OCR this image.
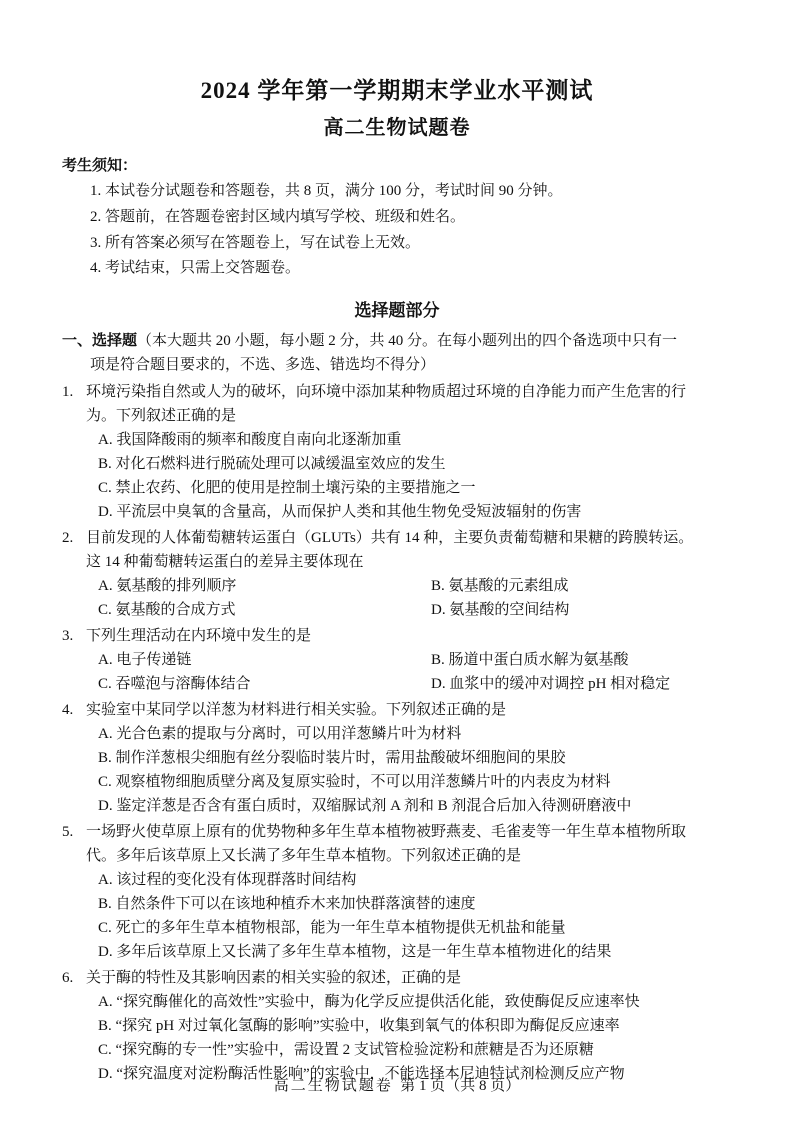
2024 学年第一学期期末学业水平测试
高二生物试题卷
考生须知：
1. 本试卷分试题卷和答题卷，共 8 页，满分 100 分，考试时间 90 分钟。
2. 答题前，在答题卷密封区域内填写学校、班级和姓名。
3. 所有答案必须写在答题卷上，写在试卷上无效。
4. 考试结束，只需上交答题卷。
选择题部分
一、选择题（本大题共 20 小题，每小题 2 分，共 40 分。在每小题列出的四个备选项中只有一
项是符合题目要求的，不选、多选、错选均不得分）
1. 环境污染指自然或人为的破坏，向环境中添加某种物质超过环境的自净能力而产生危害的行
为。下列叙述正确的是
A. 我国降酸雨的频率和酸度自南向北逐渐加重
B. 对化石燃料进行脱硫处理可以减缓温室效应的发生
C. 禁止农药、化肥的使用是控制土壤污染的主要措施之一
D. 平流层中臭氧的含量高，从而保护人类和其他生物免受短波辐射的伤害
2. 目前发现的人体葡萄糖转运蛋白（GLUTs）共有 14 种，主要负责葡萄糖和果糖的跨膜转运。
这 14 种葡萄糖转运蛋白的差异主要体现在
A. 氨基酸的排列顺序	B. 氨基酸的元素组成
C. 氨基酸的合成方式	D. 氨基酸的空间结构
3. 下列生理活动在内环境中发生的是
A. 电子传递链	B. 肠道中蛋白质水解为氨基酸
C. 吞噬泡与溶酶体结合	D. 血浆中的缓冲对调控 pH 相对稳定
4. 实验室中某同学以洋葱为材料进行相关实验。下列叙述正确的是
A. 光合色素的提取与分离时，可以用洋葱鳞片叶为材料
B. 制作洋葱根尖细胞有丝分裂临时装片时，需用盐酸破坏细胞间的果胶
C. 观察植物细胞质壁分离及复原实验时，不可以用洋葱鳞片叶的内表皮为材料
D. 鉴定洋葱是否含有蛋白质时，双缩脲试剂 A 剂和 B 剂混合后加入待测研磨液中
5. 一场野火使草原上原有的优势物种多年生草本植物被野燕麦、毛雀麦等一年生草本植物所取
代。多年后该草原上又长满了多年生草本植物。下列叙述正确的是
A. 该过程的变化没有体现群落时间结构
B. 自然条件下可以在该地种植乔木来加快群落演替的速度
C. 死亡的多年生草本植物根部，能为一年生草本植物提供无机盐和能量
D. 多年后该草原上又长满了多年生草本植物，这是一年生草本植物进化的结果
6. 关于酶的特性及其影响因素的相关实验的叙述，正确的是
A. “探究酶催化的高效性”实验中，酶为化学反应提供活化能，致使酶促反应速率快
B. “探究 pH 对过氧化氢酶的影响”实验中，收集到氧气的体积即为酶促反应速率
C. “探究酶的专一性”实验中，需设置 2 支试管检验淀粉和蔗糖是否为还原糖
D. “探究温度对淀粉酶活性影响”的实验中，不能选择本尼迪特试剂检测反应产物
高二生物试题卷 第 1 页（共 8 页）
